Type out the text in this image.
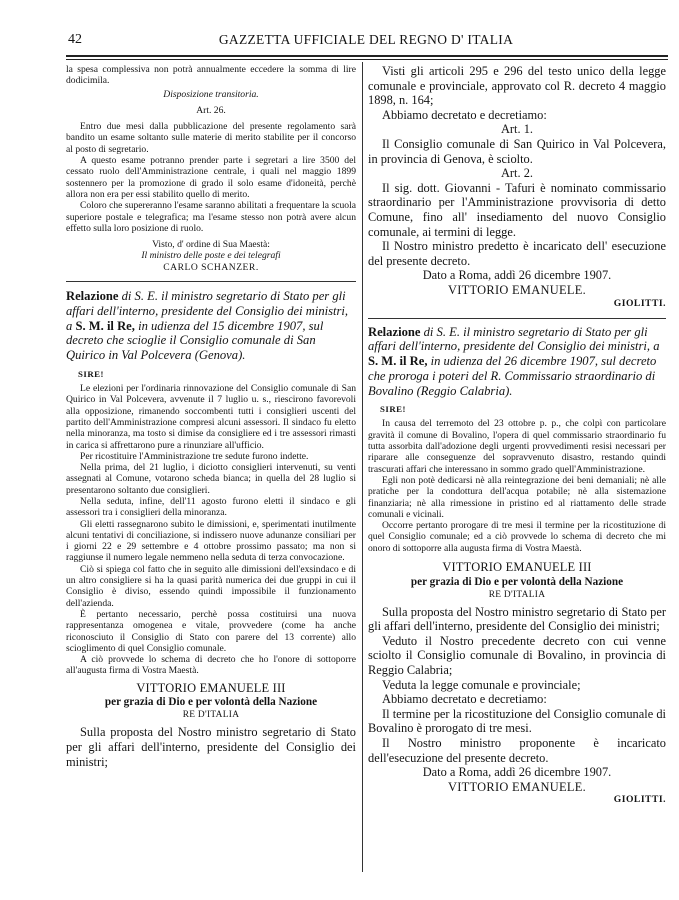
42	GAZZETTA UFFICIALE DEL REGNO D' ITALIA

la spesa complessiva non potrà annualmente eccedere la somma di lire dodicimila.

Disposizione transitoria.

Art. 26.

Entro due mesi dalla pubblicazione del presente regolamento sarà bandito un esame soltanto sulle materie di merito stabilite per il concorso al posto di segretario.

A questo esame potranno prender parte i segretari a lire 3500 del cessato ruolo dell'Amministrazione centrale, i quali nel maggio 1899 sostennero per la promozione di grado il solo esame d'idoneità, perchè allora non era per essi stabilito quello di merito.

Coloro che supereranno l'esame saranno abilitati a frequentare la scuola superiore postale e telegrafica; ma l'esame stesso non potrà avere alcun effetto sulla loro posizione di ruolo.

Visto, d' ordine di Sua Maestà:

Il ministro delle poste e dei telegrafi

CARLO SCHANZER.

Relazione di S. E. il ministro segretario di Stato per gli affari dell'interno, presidente del Consiglio dei ministri, a S. M. il Re, in udienza del 15 dicembre 1907, sul decreto che scioglie il Consiglio comunale di San Quirico in Val Polcevera (Genova).

SIRE!

Le elezioni per l'ordinaria rinnovazione del Consiglio comunale di San Quirico in Val Polcevera, avvenute il 7 luglio u. s., riescirono favorevoli alla opposizione, rimanendo soccombenti tutti i consiglieri uscenti del partito dell'Amministrazione compresi alcuni assessori. Il sindaco fu eletto nella minoranza, ma tosto si dimise da consigliere ed i tre assessori rimasti in carica si affrettarono pure a rinunziare all'ufficio.

Per ricostituire l'Amministrazione tre sedute furono indette.

Nella prima, del 21 luglio, i diciotto consiglieri intervenuti, su venti assegnati al Comune, votarono scheda bianca; in quella del 28 luglio si presentarono soltanto due consiglieri.

Nella seduta, infine, dell'11 agosto furono eletti il sindaco e gli assessori tra i consiglieri della minoranza.

Gli eletti rassegnarono subito le dimissioni, e, sperimentati inutilmente alcuni tentativi di conciliazione, si indissero nuove adunanze consiliari per i giorni 22 e 29 settembre e 4 ottobre prossimo passato; ma non si raggiunse il numero legale nemmeno nella seduta di terza convocazione.

Ciò si spiega col fatto che in seguito alle dimissioni dell'exsindaco e di un altro consigliere si ha la quasi parità numerica dei due gruppi in cui il Consiglio è diviso, essendo quindi impossibile il funzionamento dell'azienda.

È pertanto necessario, perchè possa costituirsi una nuova rappresentanza omogenea e vitale, provvedere (come ha anche riconosciuto il Consiglio di Stato con parere del 13 corrente) allo scioglimento di quel Consiglio comunale.

A ciò provvede lo schema di decreto che ho l'onore di sottoporre all'augusta firma di Vostra Maestà.

VITTORIO EMANUELE III

per grazia di Dio e per volontà della Nazione

RE D'ITALIA

Sulla proposta del Nostro ministro segretario di Stato per gli affari dell'interno, presidente del Consiglio dei ministri;

Visti gli articoli 295 e 296 del testo unico della legge comunale e provinciale, approvato col R. decreto 4 maggio 1898, n. 164;

Abbiamo decretato e decretiamo:

Art. 1.

Il Consiglio comunale di San Quirico in Val Polcevera, in provincia di Genova, è sciolto.

Art. 2.

Il sig. dott. Giovanni - Tafuri è nominato commissario straordinario per l'Amministrazione provvisoria di detto Comune, fino all' insediamento del nuovo Consiglio comunale, ai termini di legge.

Il Nostro ministro predetto è incaricato dell' esecuzione del presente decreto.

Dato a Roma, addì 26 dicembre 1907.

VITTORIO EMANUELE.

GIOLITTI.

Relazione di S. E. il ministro segretario di Stato per gli affari dell'interno, presidente del Consiglio dei ministri, a S. M. il Re, in udienza del 26 dicembre 1907, sul decreto che proroga i poteri del R. Commissario straordinario di Bovalino (Reggio Calabria).

SIRE!

In causa del terremoto del 23 ottobre p. p., che colpì con particolare gravità il comune di Bovalino, l'opera di quel commissario straordinario fu tutta assorbita dall'adozione degli urgenti provvedimenti resisi necessari per riparare alle conseguenze del sopravvenuto disastro, restando quindi trascurati affari che interessano in sommo grado quell'Amministrazione.

Egli non potè dedicarsi nè alla reintegrazione dei beni demaniali; nè alle pratiche per la condottura dell'acqua potabile; nè alla sistemazione finanziaria; nè alla rimessione in pristino ed al riattamento delle strade comunali e vicinali.

Occorre pertanto prorogare di tre mesi il termine per la ricostituzione di quel Consiglio comunale; ed a ciò provvede lo schema di decreto che mi onoro di sottoporre alla augusta firma di Vostra Maestà.

VITTORIO EMANUELE III

per grazia di Dio e per volontà della Nazione

RE D'ITALIA

Sulla proposta del Nostro ministro segretario di Stato per gli affari dell'interno, presidente del Consiglio dei ministri;

Veduto il Nostro precedente decreto con cui venne sciolto il Consiglio comunale di Bovalino, in provincia di Reggio Calabria;

Veduta la legge comunale e provinciale;

Abbiamo decretato e decretiamo:

Il termine per la ricostituzione del Consiglio comunale di Bovalino è prorogato di tre mesi.

Il Nostro ministro proponente è incaricato dell'esecuzione del presente decreto.

Dato a Roma, addì 26 dicembre 1907.

VITTORIO EMANUELE.

GIOLITTI.
